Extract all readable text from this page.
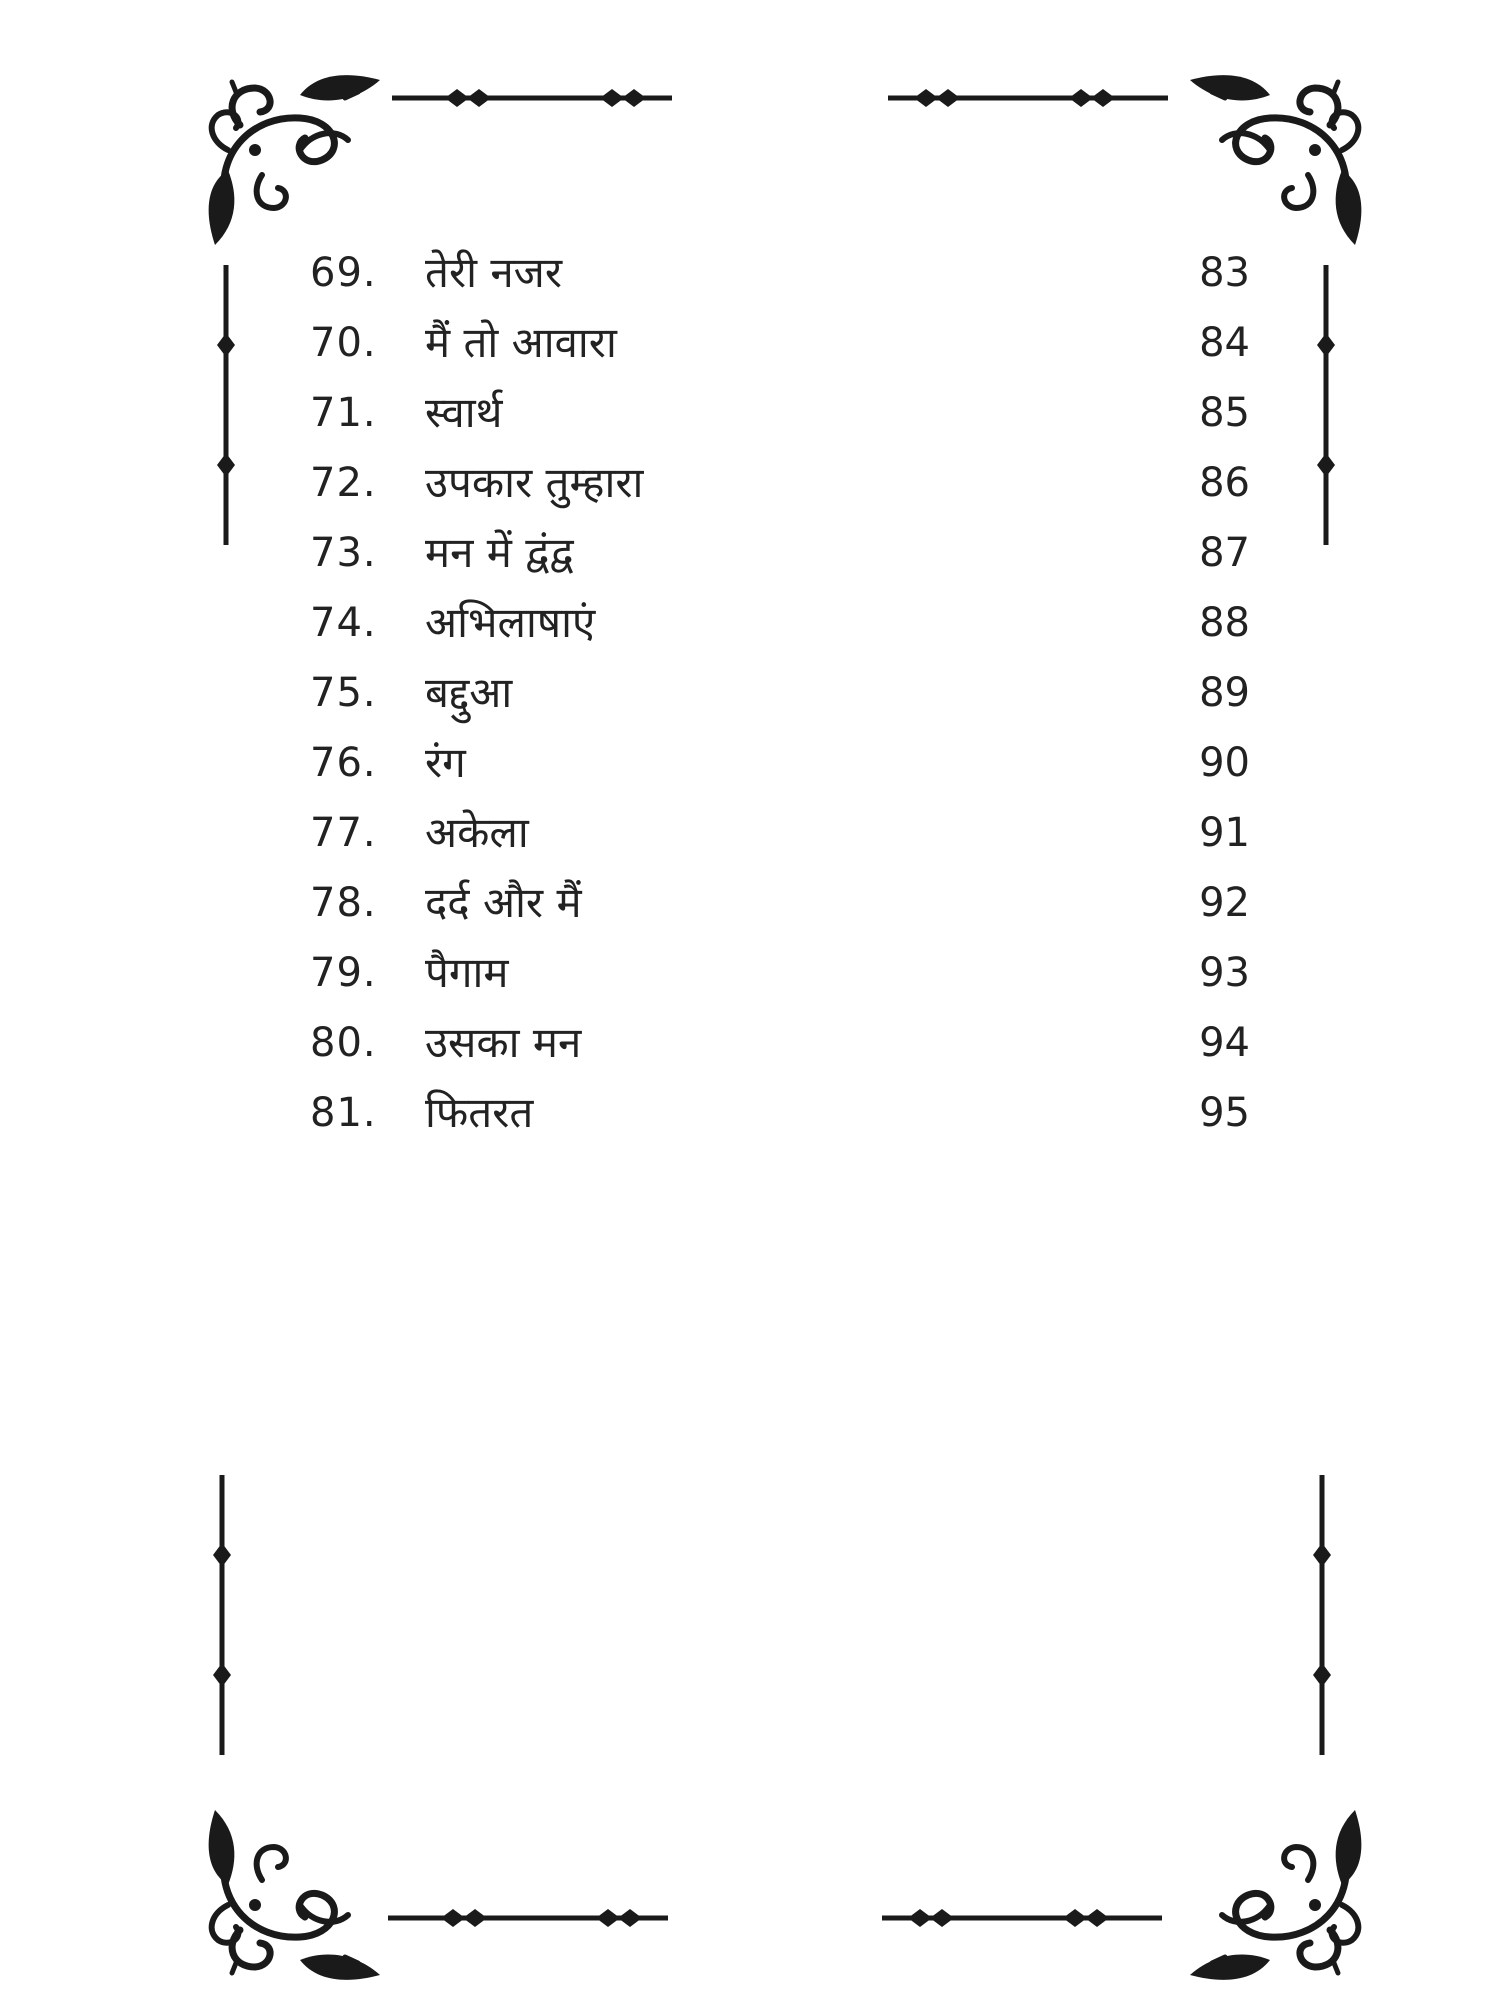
69.	तेरी नजर	83
70.	मैं तो आवारा	84
71.	स्वार्थ	85
72.	उपकार तुम्हारा	86
73.	मन में द्वंद्व	87
74.	अभिलाषाएं	88
75.	बद्दुआ	89
76.	रंग	90
77.	अकेला	91
78.	दर्द और मैं	92
79.	पैगाम	93
80.	उसका मन	94
81.	फितरत	95
